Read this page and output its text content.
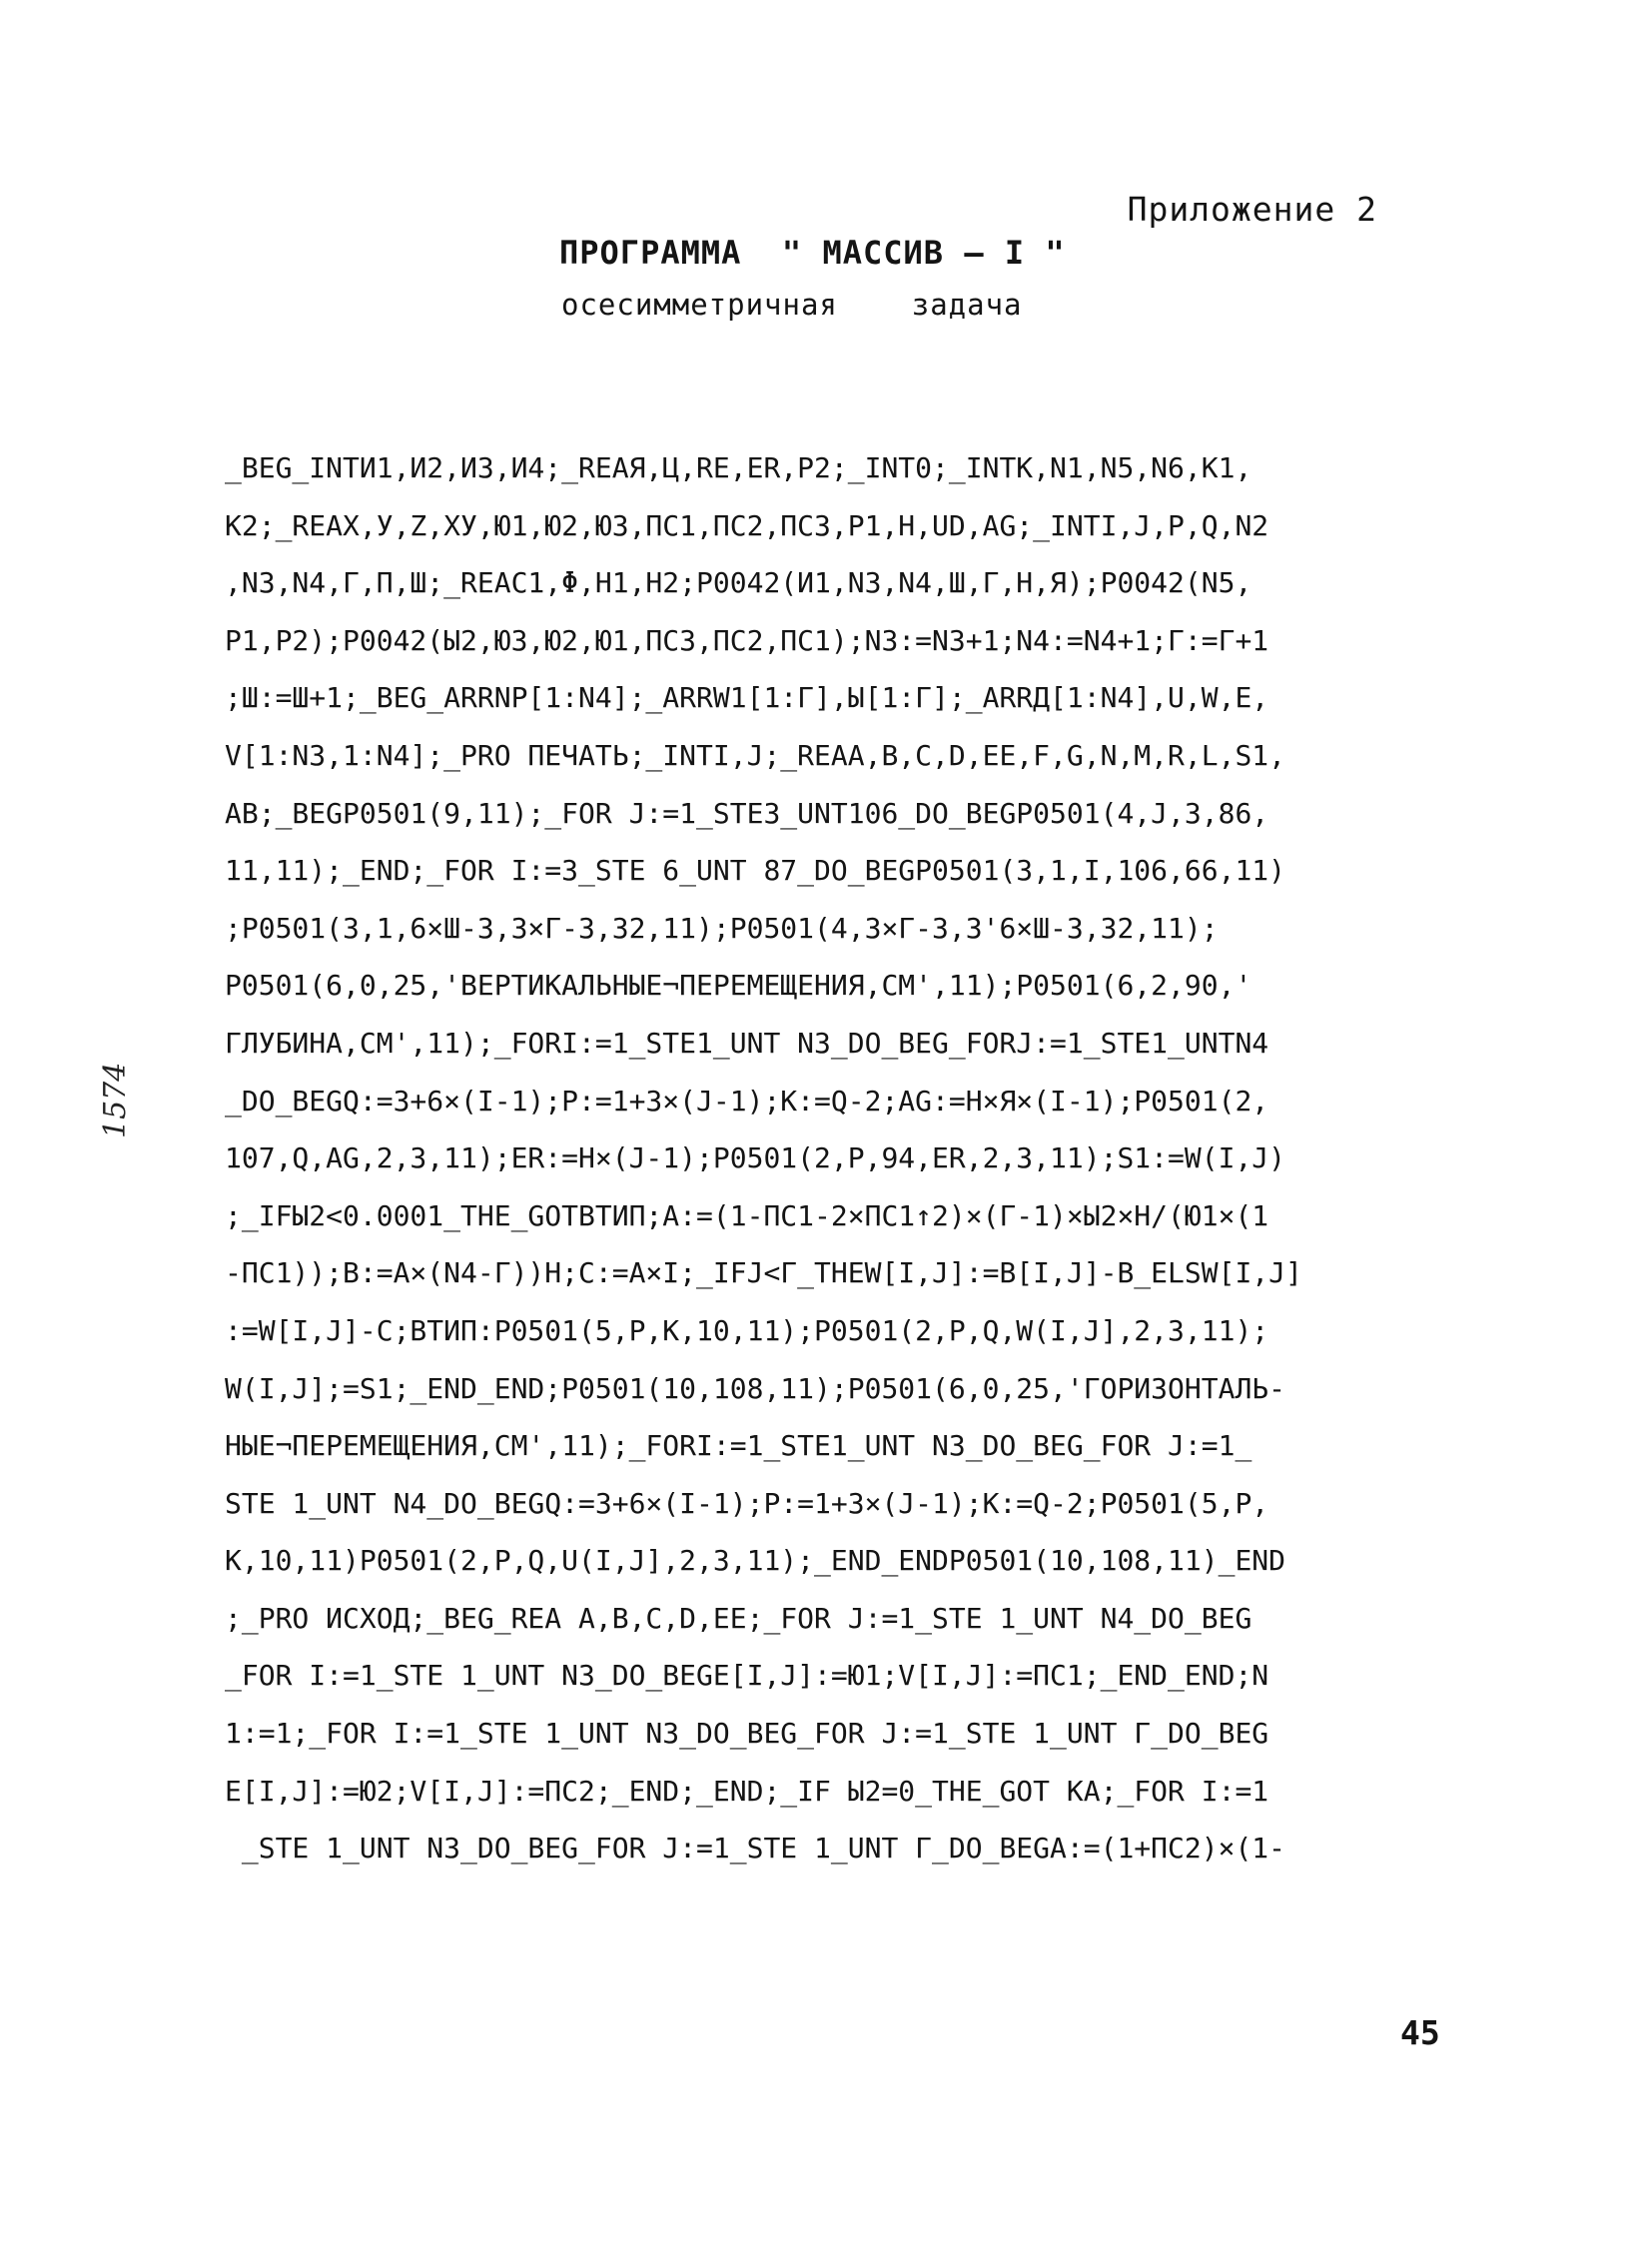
Приложение 2
ПРОГРАММА  " МАССИВ — I "
осесимметричная    задача
1574
_BEG_INTИ1,И2,И3,И4;_REAЯ,Ц,RE,ER,P2;_INT0;_INTK,N1,N5,N6,K1,
K2;_REAX,У,Z,XУ,Ю1,Ю2,Ю3,ПС1,ПС2,ПС3,P1,H,UD,AG;_INTI,J,P,Q,N2
,N3,N4,Г,П,Ш;_REAC1,Φ,H1,H2;P0042(И1,N3,N4,Ш,Г,H,Я);P0042(N5,
P1,P2);P0042(Ы2,Ю3,Ю2,Ю1,ПС3,ПС2,ПС1);N3:=N3+1;N4:=N4+1;Г:=Г+1
;Ш:=Ш+1;_BEG_ARRNP[1:N4];_ARRW1[1:Г],Ы[1:Г];_ARRД[1:N4],U,W,E,
V[1:N3,1:N4];_PRO ПЕЧАТЬ;_INTI,J;_REAA,B,C,D,EE,F,G,N,M,R,L,S1,
AB;_BEGP0501(9,11);_FOR J:=1_STE3_UNT106_DO_BEGP0501(4,J,3,86,
11,11);_END;_FOR I:=3_STE 6_UNT 87_DO_BEGP0501(3,1,I,106,66,11)
;P0501(3,1,6×Ш-3,3×Г-3,32,11);P0501(4,3×Г-3,3'6×Ш-3,32,11);
P0501(6,0,25,'ВЕРТИКАЛЬНЫЕ¬ПЕРЕМЕЩЕНИЯ,СМ',11);P0501(6,2,90,'
ГЛУБИНА,СМ',11);_FORI:=1_STE1_UNT N3_DO_BEG_FORJ:=1_STE1_UNTN4
_DO_BEGQ:=3+6×(I-1);P:=1+3×(J-1);K:=Q-2;AG:=H×Я×(I-1);P0501(2,
107,Q,AG,2,3,11);ER:=H×(J-1);P0501(2,P,94,ER,2,3,11);S1:=W(I,J)
;_IFЫ2<0.0001_THE_GOTBТИП;A:=(1-ПС1-2×ПС1↑2)×(Г-1)×Ы2×H/(Ю1×(1
-ПС1));B:=A×(N4-Г))H;C:=A×I;_IFJ<Г_THEW[I,J]:=B[I,J]-B_ELSW[I,J]
:=W[I,J]-C;BТИП:P0501(5,P,K,10,11);P0501(2,P,Q,W(I,J],2,3,11);
W(I,J];=S1;_END_END;P0501(10,108,11);P0501(6,0,25,'ГОРИЗОНТАЛЬ-
НЫЕ¬ПЕРЕМЕЩЕНИЯ,СМ',11);_FORI:=1_STE1_UNT N3_DO_BEG_FOR J:=1_
STE 1_UNT N4_DO_BEGQ:=3+6×(I-1);P:=1+3×(J-1);K:=Q-2;P0501(5,P,
K,10,11)P0501(2,P,Q,U(I,J],2,3,11);_END_ENDP0501(10,108,11)_END
;_PRO ИСХОД;_BEG_REA A,B,C,D,EE;_FOR J:=1_STE 1_UNT N4_DO_BEG
_FOR I:=1_STE 1_UNT N3_DO_BEGE[I,J]:=Ю1;V[I,J]:=ПС1;_END_END;N
1:=1;_FOR I:=1_STE 1_UNT N3_DO_BEG_FOR J:=1_STE 1_UNT Г_DO_BEG
E[I,J]:=Ю2;V[I,J]:=ПС2;_END;_END;_IF Ы2=0_THE_GOT KA;_FOR I:=1
_STE 1_UNT N3_DO_BEG_FOR J:=1_STE 1_UNT Г_DO_BEGA:=(1+ПС2)×(1-
45
